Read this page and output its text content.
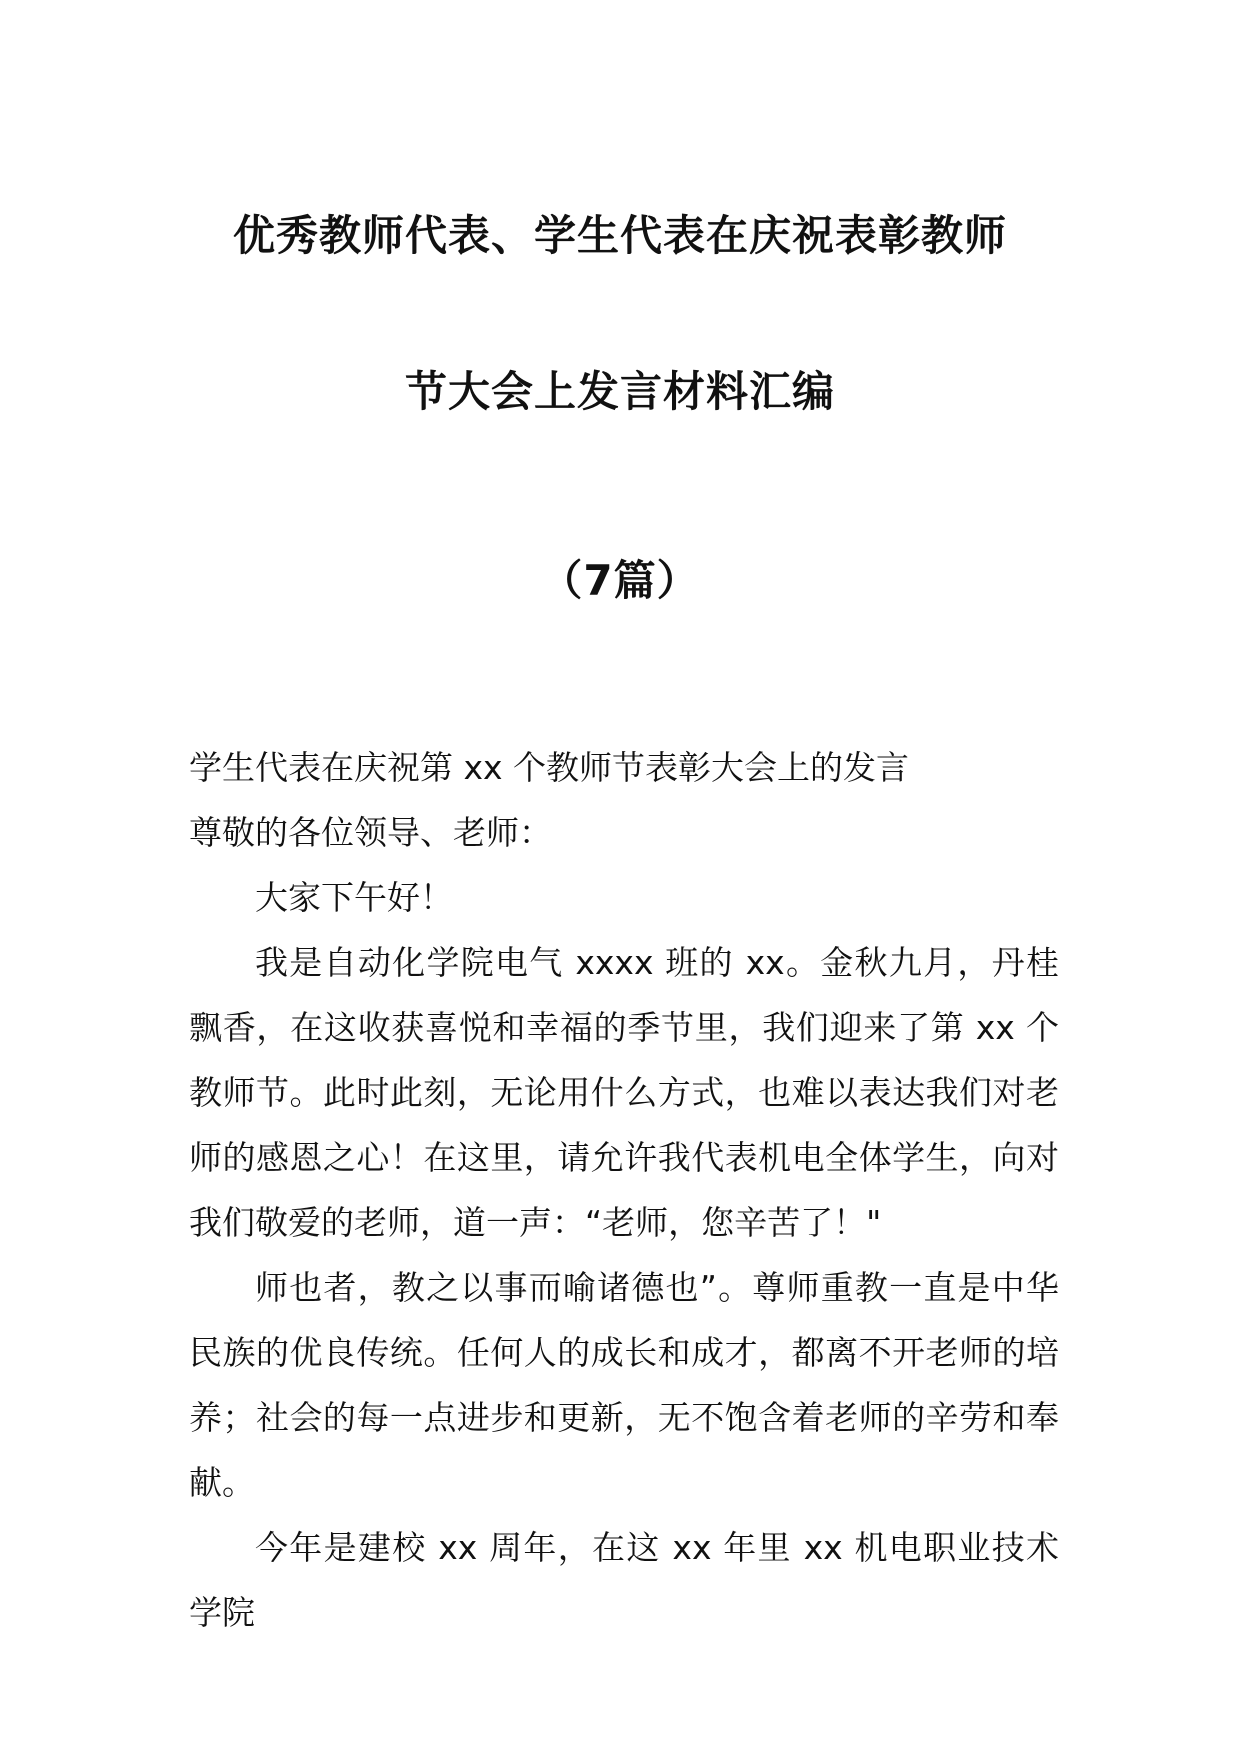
优秀教师代表、学生代表在庆祝表彰教师
节大会上发言材料汇编
（7篇）

学生代表在庆祝第 xx 个教师节表彰大会上的发言

尊敬的各位领导、老师：

大家下午好！

我是自动化学院电气 xxxx 班的 xx。金秋九月，丹桂飘香，在这收获喜悦和幸福的季节里，我们迎来了第 xx 个教师节。此时此刻，无论用什么方式，也难以表达我们对老师的感恩之心！在这里，请允许我代表机电全体学生，向对我们敬爱的老师，道一声：“老师，您辛苦了！"

师也者，教之以事而喻诸德也”。尊师重教一直是中华民族的优良传统。任何人的成长和成才，都离不开老师的培养；社会的每一点进步和更新，无不饱含着老师的辛劳和奉献。

今年是建校 xx 周年，在这 xx 年里 xx 机电职业技术学院
